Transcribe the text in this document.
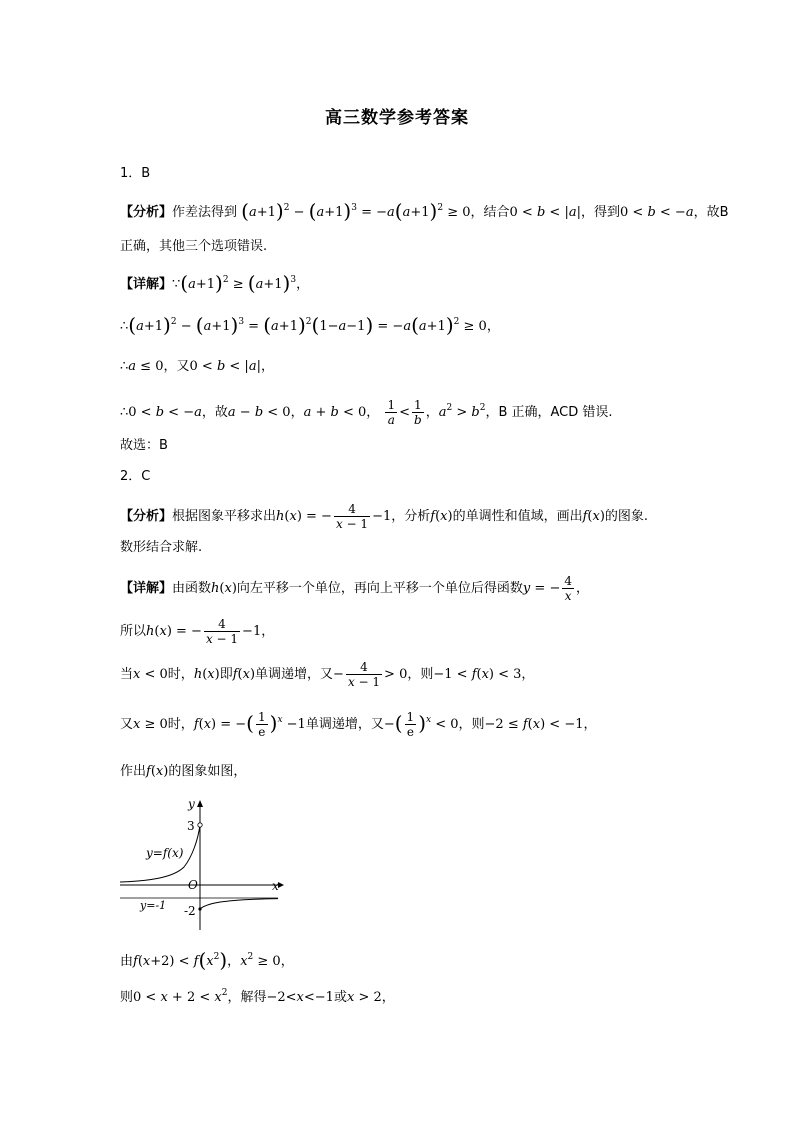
高三数学参考答案
1．B
【分析】作差法得到 $(a+1)^2 - (a+1)^3 = -a(a+1)^2 \ge 0$，结合0 < b < |a|，得到0 < b < −a，故B
正确，其他三个选项错误.
【详解】$\because(a+1)^2 \ge (a+1)^3$，
$\therefore(a+1)^2 - (a+1)^3 = (a+1)^2(1-a-1) = -a(a+1)^2 \ge 0$，
∴a ≤ 0，又0 < b < |a|，
∴0 < b < −a，故a − b < 0，a + b < 0， $\frac{1}{a} < \frac{1}{b}$ ，$a^2 > b^2$，B 正确，ACD 错误.
故选：B
2．C
【分析】根据图象平移求出h(x) = − $\frac{4}{x - 1} -1$，分析f(x)的单调性和值域，画出f(x)的图象.
数形结合求解.
【详解】由函数h(x)向左平移一个单位，再向上平移一个单位后得函数y = − $\frac{4}{x}$ ，
所以h(x) = − $\frac{4}{x - 1} -1$，
当x < 0时，h(x)即f(x)单调递增，又− $\frac{4}{x - 1} > 0$，则−1 < f(x) < 3，
又x ≥ 0时，f(x) = −( $\frac{1}{e} )^x -1$单调递增，又−( $\frac{1}{e} )^x < 0$，则−2 ≤ f(x) < −1，
作出f(x)的图象如图，
y
x
O
3
-2
y=f(x)
y=-1
由$f(x+2) < f(x^2)$，$x^2 \ge 0$，
则$0 < x + 2 < x^2$，解得−2<x<−1或x > 2，
